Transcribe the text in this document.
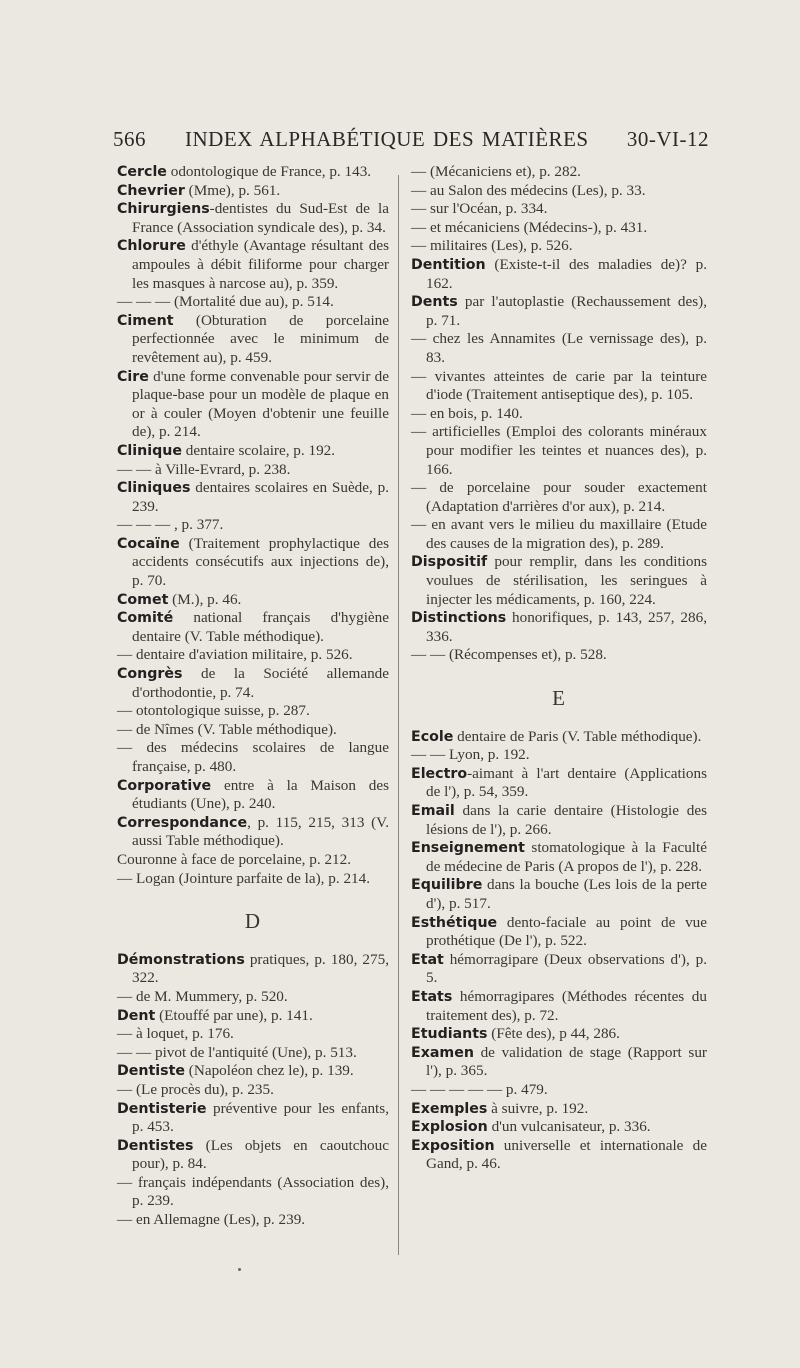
566 INDEX ALPHABÉTIQUE DES MATIÈRES 30-VI-12

Cercle odontologique de France, p. 143.

Chevrier (Mme), p. 561.

Chirurgiens-dentistes du Sud-Est de la France (Association syndicale des), p. 34.

Chlorure d'éthyle (Avantage résultant des ampoules à débit filiforme pour charger les masques à narcose au), p. 359.

— — — (Mortalité due au), p. 514.

Ciment (Obturation de porcelaine perfectionnée avec le minimum de revêtement au), p. 459.

Cire d'une forme convenable pour servir de plaque-base pour un modèle de plaque en or à couler (Moyen d'obtenir une feuille de), p. 214.

Clinique dentaire scolaire, p. 192.

— — à Ville-Evrard, p. 238.

Cliniques dentaires scolaires en Suède, p. 239.

— — — , p. 377.

Cocaïne (Traitement prophylactique des accidents consécutifs aux injections de), p. 70.

Comet (M.), p. 46.

Comité national français d'hygiène dentaire (V. Table méthodique).

— dentaire d'aviation militaire, p. 526.

Congrès de la Société allemande d'orthodontie, p. 74.

— otontologique suisse, p. 287.

— de Nîmes (V. Table méthodique).

— des médecins scolaires de langue française, p. 480.

Corporative entre à la Maison des étudiants (Une), p. 240.

Correspondance, p. 115, 215, 313 (V. aussi Table méthodique).

Couronne à face de porcelaine, p. 212.

— Logan (Jointure parfaite de la), p. 214.

D

Démonstrations pratiques, p. 180, 275, 322.

— de M. Mummery, p. 520.

Dent (Etouffé par une), p. 141.

— à loquet, p. 176.

— — pivot de l'antiquité (Une), p. 513.

Dentiste (Napoléon chez le), p. 139.

— (Le procès du), p. 235.

Dentisterie préventive pour les enfants, p. 453.

Dentistes (Les objets en caoutchouc pour), p. 84.

— français indépendants (Association des), p. 239.

— en Allemagne (Les), p. 239.

— (Mécaniciens et), p. 282.

— au Salon des médecins (Les), p. 33.

— sur l'Océan, p. 334.

— et mécaniciens (Médecins-), p. 431.

— militaires (Les), p. 526.

Dentition (Existe-t-il des maladies de)? p. 162.

Dents par l'autoplastie (Rechaussement des), p. 71.

— chez les Annamites (Le vernissage des), p. 83.

— vivantes atteintes de carie par la teinture d'iode (Traitement antiseptique des), p. 105.

— en bois, p. 140.

— artificielles (Emploi des colorants minéraux pour modifier les teintes et nuances des), p. 166.

— de porcelaine pour souder exactement (Adaptation d'arrières d'or aux), p. 214.

— en avant vers le milieu du maxillaire (Etude des causes de la migration des), p. 289.

Dispositif pour remplir, dans les conditions voulues de stérilisation, les seringues à injecter les médicaments, p. 160, 224.

Distinctions honorifiques, p. 143, 257, 286, 336.

— — (Récompenses et), p. 528.

E

Ecole dentaire de Paris (V. Table méthodique).

— — Lyon, p. 192.

Electro-aimant à l'art dentaire (Applications de l'), p. 54, 359.

Email dans la carie dentaire (Histologie des lésions de l'), p. 266.

Enseignement stomatologique à la Faculté de médecine de Paris (A propos de l'), p. 228.

Equilibre dans la bouche (Les lois de la perte d'), p. 517.

Esthétique dento-faciale au point de vue prothétique (De l'), p. 522.

Etat hémorragipare (Deux observations d'), p. 5.

Etats hémorragipares (Méthodes récentes du traitement des), p. 72.

Etudiants (Fête des), p 44, 286.

Examen de validation de stage (Rapport sur l'), p. 365.

— — — — — p. 479.

Exemples à suivre, p. 192.

Explosion d'un vulcanisateur, p. 336.

Exposition universelle et internationale de Gand, p. 46.
